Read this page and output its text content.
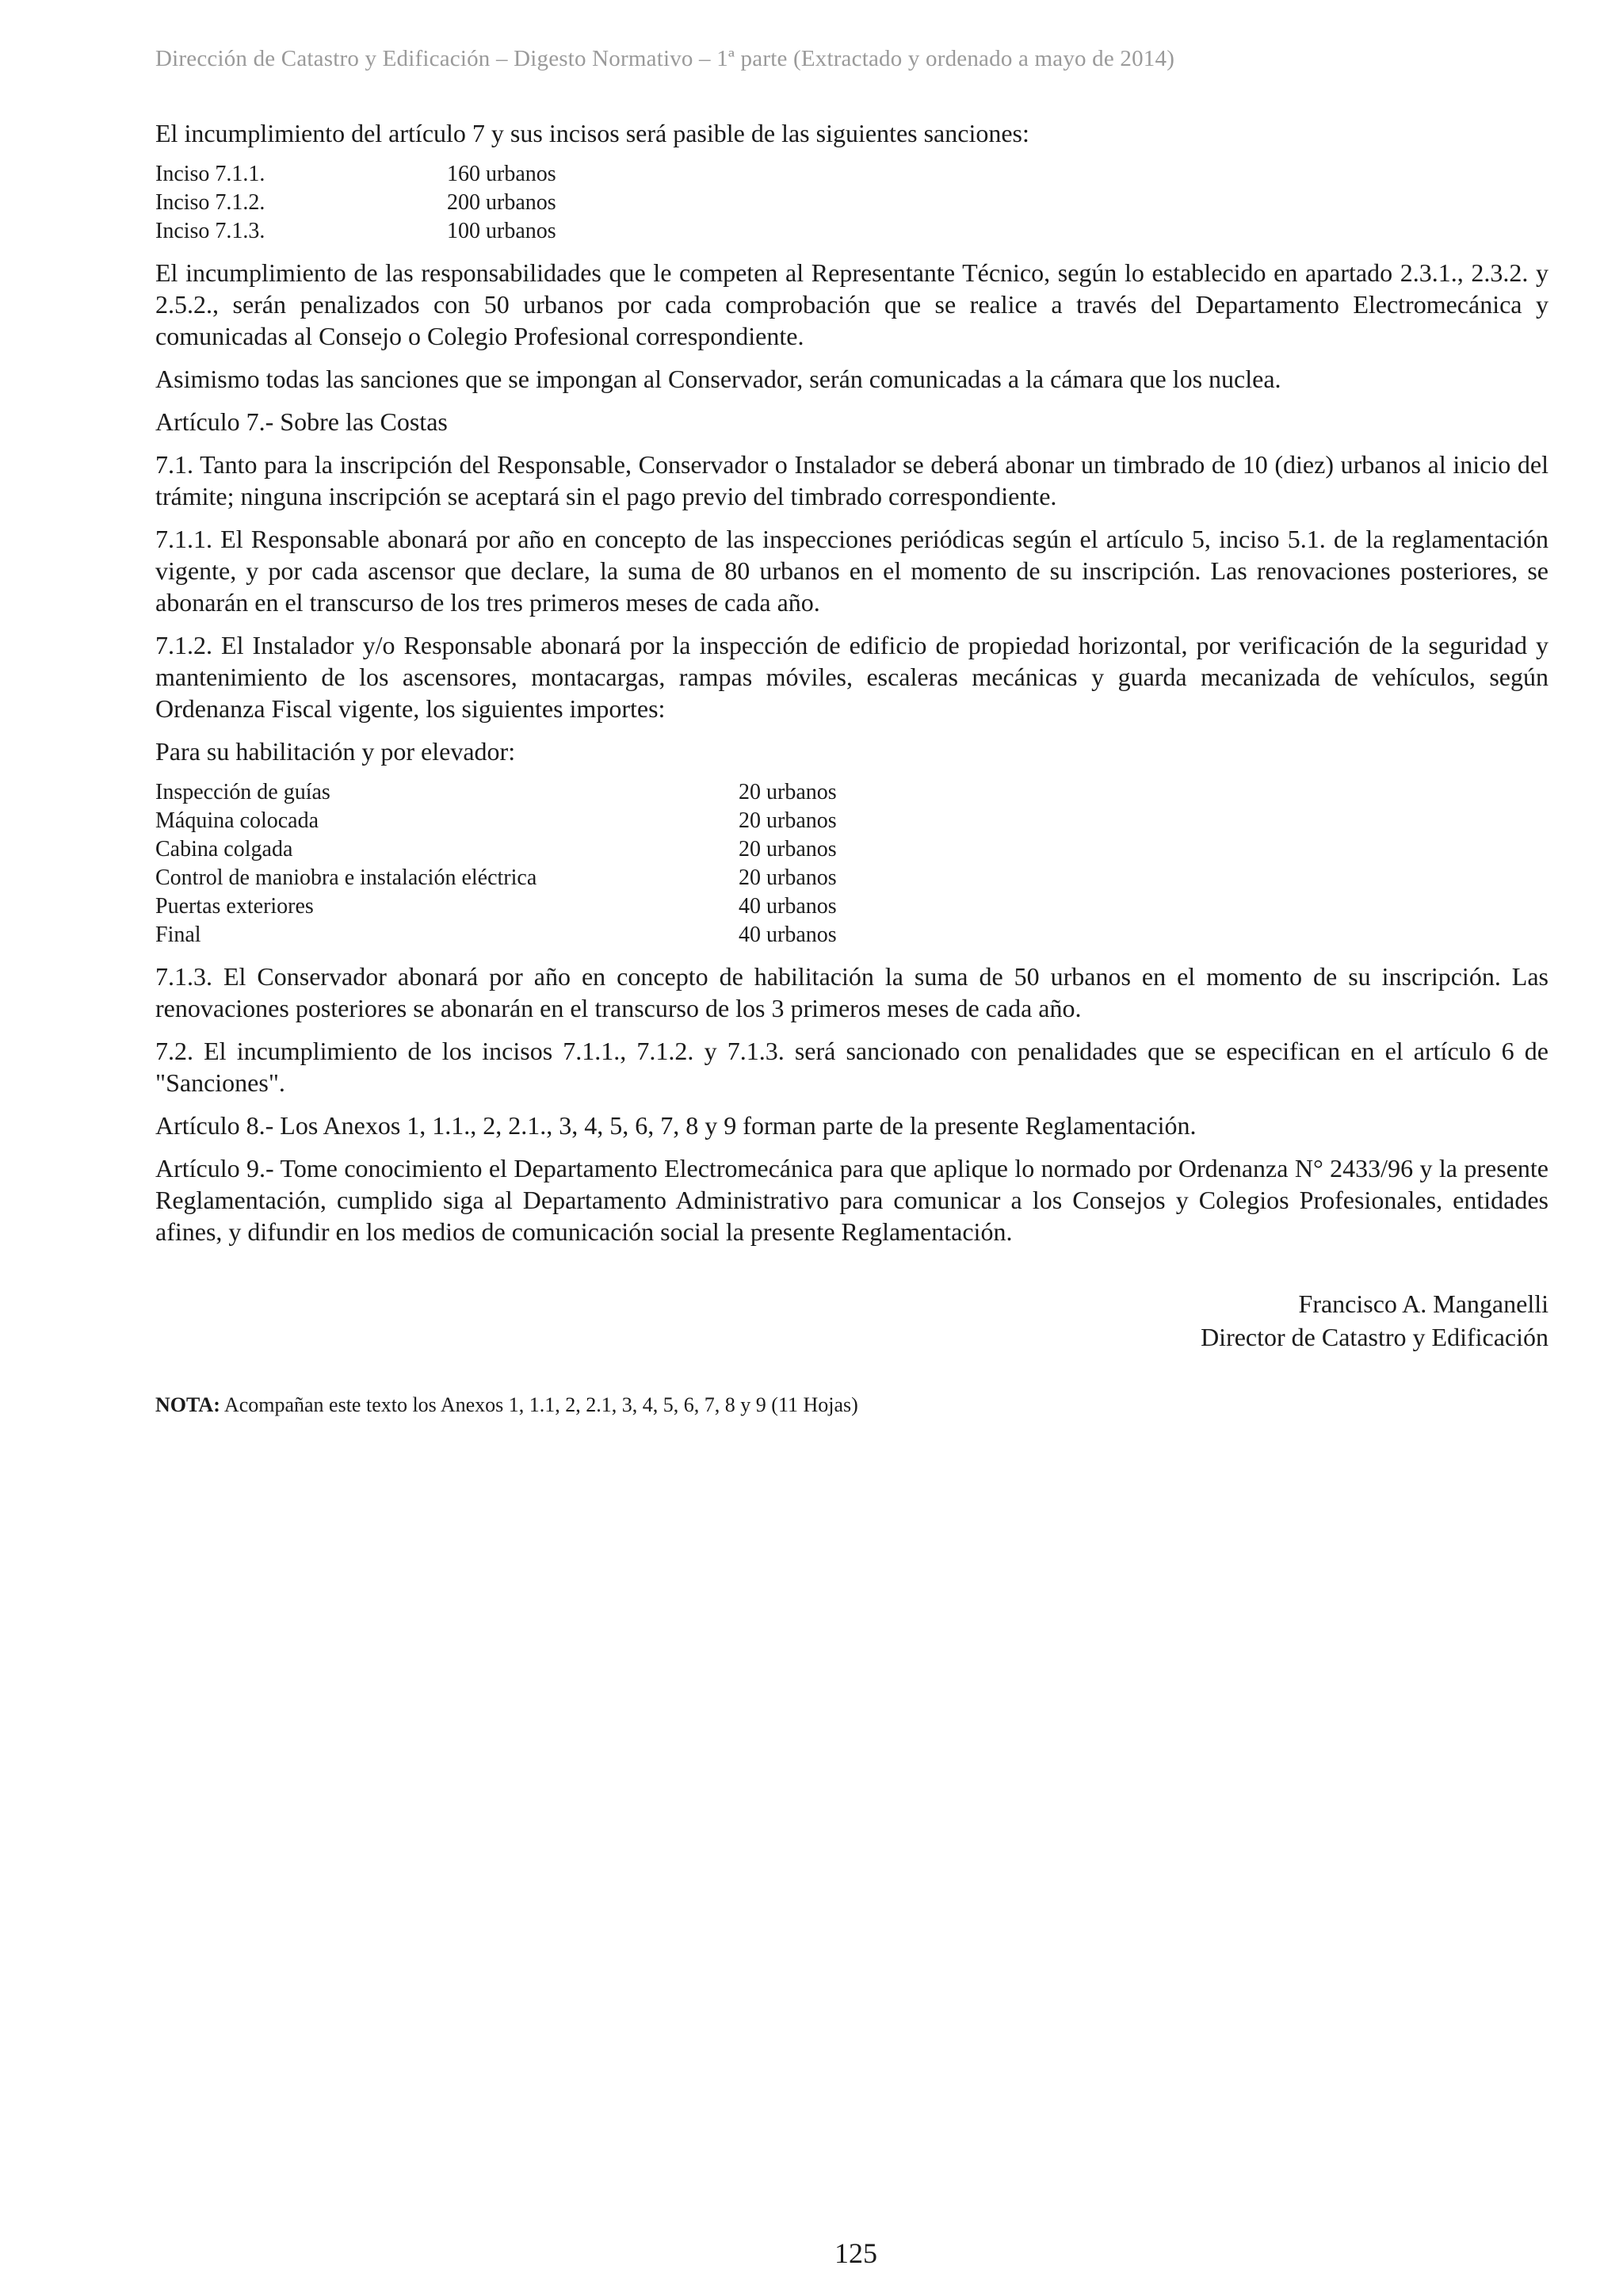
Dirección de Catastro y Edificación – Digesto Normativo – 1ª parte (Extractado y ordenado a mayo de 2014)

El incumplimiento del artículo 7 y sus incisos será pasible de las siguientes sanciones:

Inciso 7.1.1.	160 urbanos
Inciso 7.1.2.	200 urbanos
Inciso 7.1.3.	100 urbanos

El incumplimiento de las responsabilidades que le competen al Representante Técnico, según lo establecido en apartado 2.3.1., 2.3.2. y 2.5.2., serán penalizados con 50 urbanos por cada comprobación que se realice a través del Departamento Electromecánica y comunicadas al Consejo o Colegio Profesional correspondiente.

Asimismo todas las sanciones que se impongan al Conservador, serán comunicadas a la cámara que los nuclea.

Artículo 7.- Sobre las Costas

7.1. Tanto para la inscripción del Responsable, Conservador o Instalador se deberá abonar un timbrado de 10 (diez) urbanos al inicio del trámite; ninguna inscripción se aceptará sin el pago previo del timbrado correspondiente.

7.1.1. El Responsable abonará por año en concepto de las inspecciones periódicas según el artículo 5, inciso 5.1. de la reglamentación vigente, y por cada ascensor que declare, la suma de 80 urbanos en el momento de su inscripción. Las renovaciones posteriores, se abonarán en el transcurso de los tres primeros meses de cada año.

7.1.2. El Instalador y/o Responsable abonará por la inspección de edificio de propiedad horizontal, por verificación de la seguridad y mantenimiento de los ascensores, montacargas, rampas móviles, escaleras mecánicas y guarda mecanizada de vehículos, según Ordenanza Fiscal vigente, los siguientes importes:

Para su habilitación y por elevador:

Inspección de guías	20 urbanos
Máquina colocada	20 urbanos
Cabina colgada	20 urbanos
Control de maniobra e instalación eléctrica	20 urbanos
Puertas exteriores	40 urbanos
Final	40 urbanos

7.1.3. El Conservador abonará por año en concepto de habilitación la suma de 50 urbanos en el momento de su inscripción. Las renovaciones posteriores se abonarán en el transcurso de los 3 primeros meses de cada año.

7.2. El incumplimiento de los incisos 7.1.1., 7.1.2. y 7.1.3. será sancionado con penalidades que se especifican en el artículo 6 de "Sanciones".

Artículo 8.- Los Anexos 1, 1.1., 2, 2.1., 3, 4, 5, 6, 7, 8 y 9 forman parte de la presente Reglamentación.

Artículo 9.- Tome conocimiento el Departamento Electromecánica para que aplique lo normado por Ordenanza N° 2433/96 y la presente Reglamentación, cumplido siga al Departamento Administrativo para comunicar a los Consejos y Colegios Profesionales, entidades afines, y difundir en los medios de comunicación social la presente Reglamentación.

Francisco A. Manganelli
Director de Catastro y Edificación
NOTA: Acompañan este texto los Anexos 1, 1.1, 2, 2.1, 3, 4, 5, 6, 7, 8 y 9 (11 Hojas)
125
